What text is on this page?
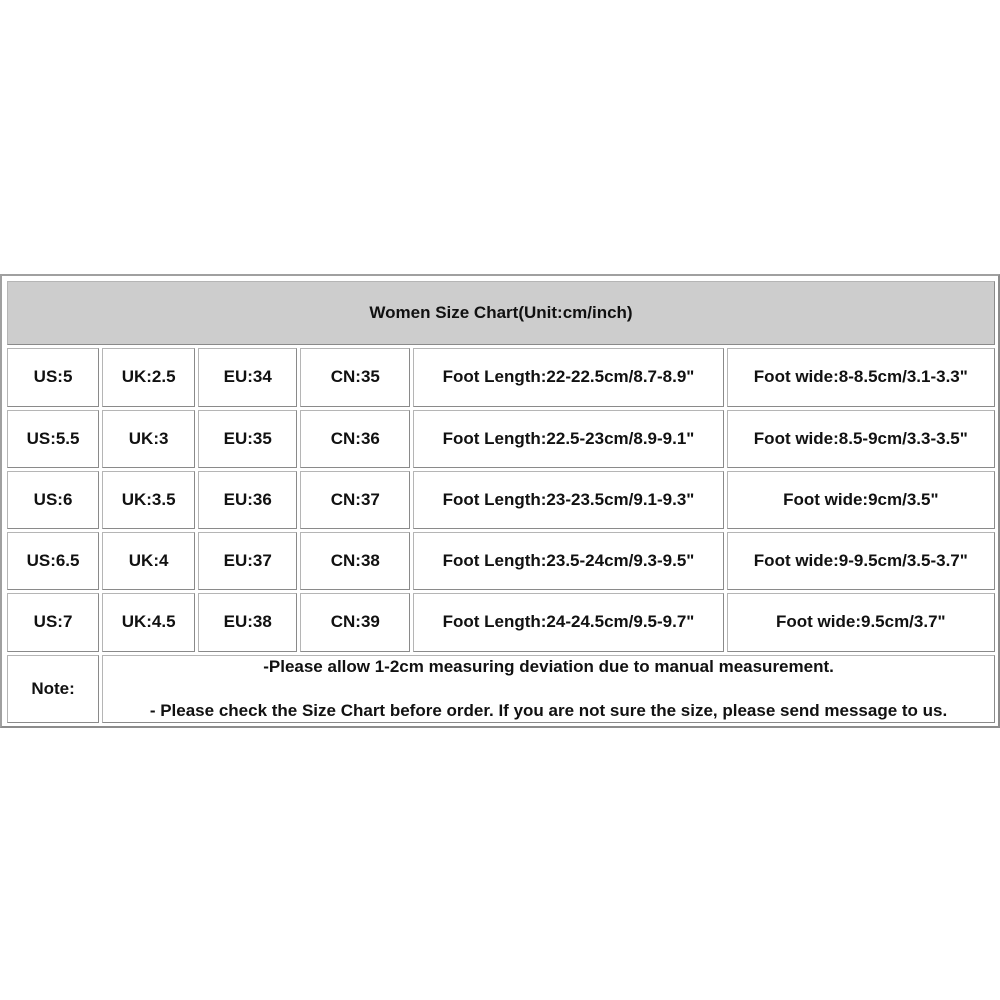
Women Size Chart(Unit:cm/inch)					
US:5	UK:2.5	EU:34	CN:35	Foot Length:22-22.5cm/8.7-8.9"	Foot wide:8-8.5cm/3.1-3.3"
US:5.5	UK:3	EU:35	CN:36	Foot Length:22.5-23cm/8.9-9.1"	Foot wide:8.5-9cm/3.3-3.5"
US:6	UK:3.5	EU:36	CN:37	Foot Length:23-23.5cm/9.1-9.3"	Foot wide:9cm/3.5"
US:6.5	UK:4	EU:37	CN:38	Foot Length:23.5-24cm/9.3-9.5"	Foot wide:9-9.5cm/3.5-3.7"
US:7	UK:4.5	EU:38	CN:39	Foot Length:24-24.5cm/9.5-9.7"	Foot wide:9.5cm/3.7"
Note:	-Please allow 1-2cm measuring deviation due to manual measurement.
- Please check the Size Chart before order. If you are not sure the size, please send message to us.				
